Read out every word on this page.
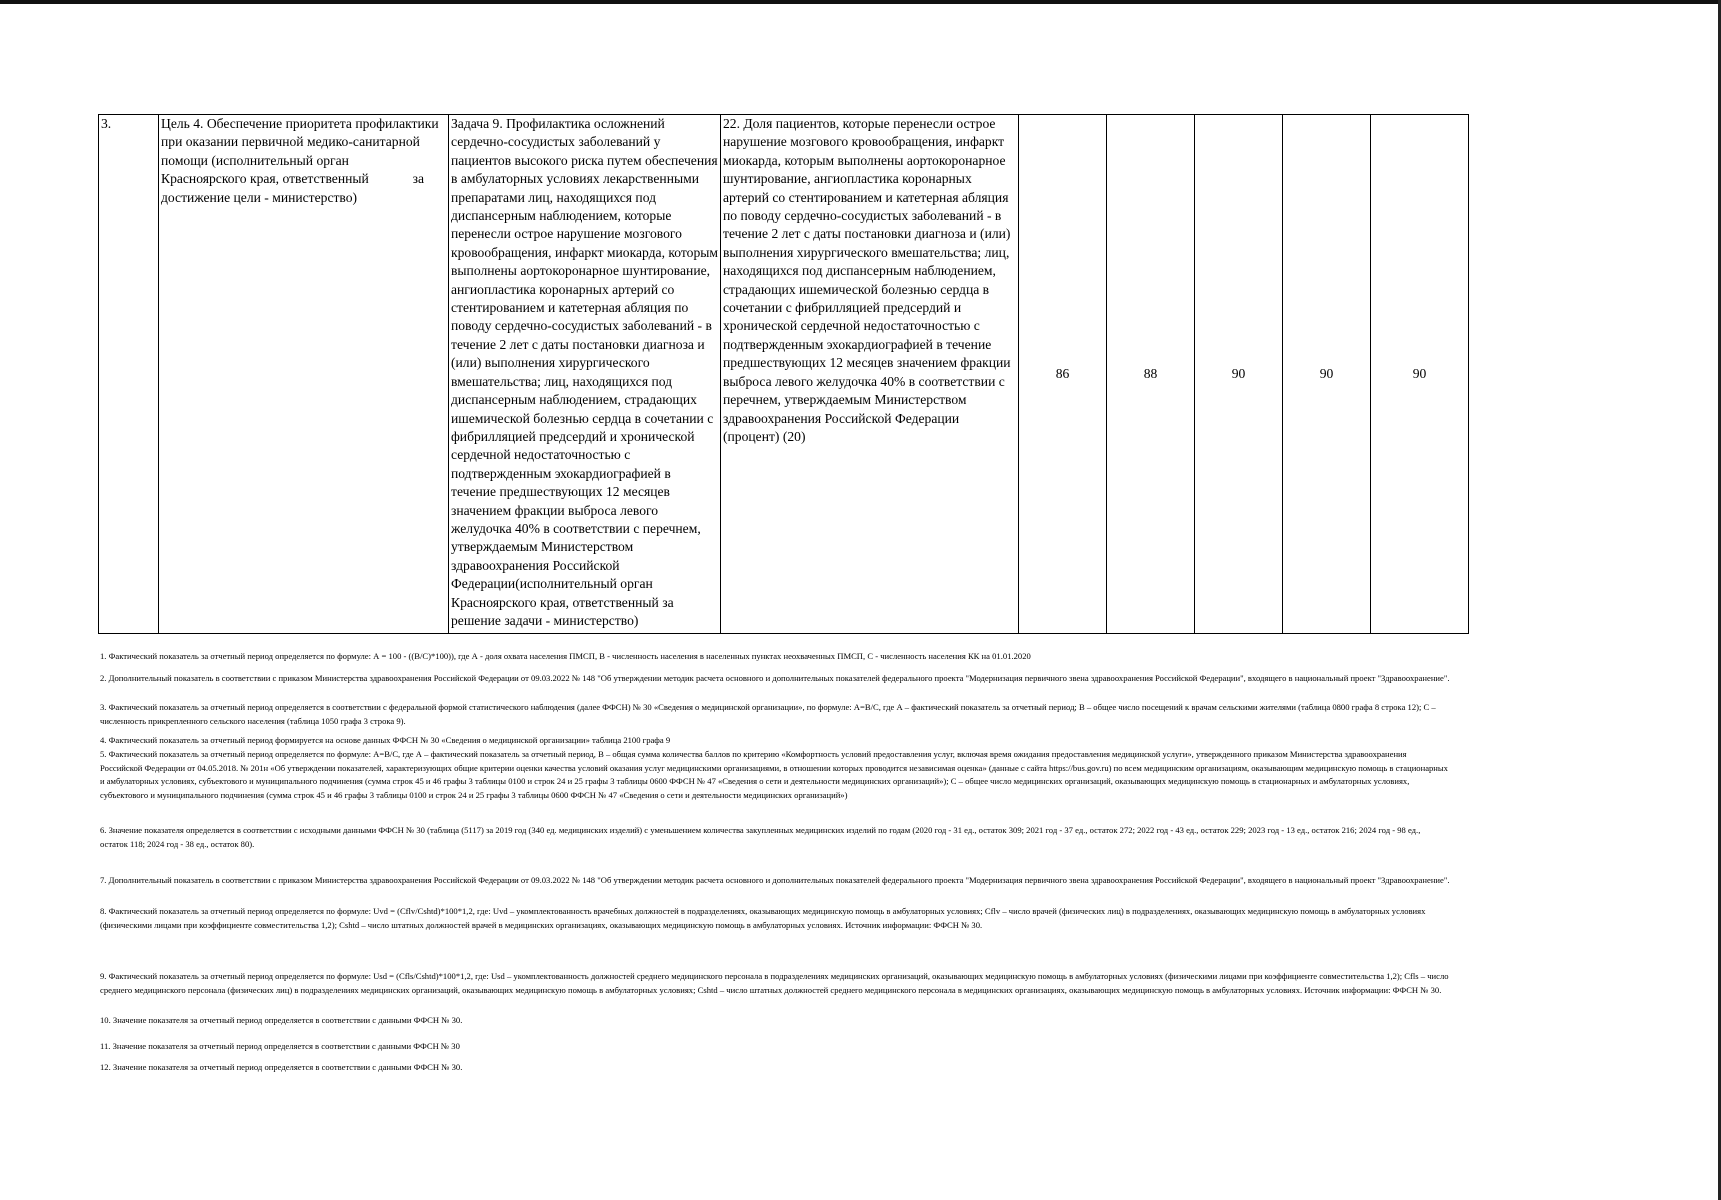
3.	Цель 4. Обеспечение приоритета профилактики
при оказании первичной медико-санитарной
помощи (исполнительный орган
Красноярского края, ответственный	за
достижение цели - министерство)
	Задача 9. Профилактика осложнений сердечно-сосудистых заболеваний у пациентов высокого риска путем обеспечения в амбулаторных условиях лекарственными препаратами лиц, находящихся под диспансерным наблюдением, которые перенесли острое нарушение мозгового кровообращения, инфаркт миокарда, которым выполнены аортокоронарное шунтирование, ангиопластика коронарных артерий со стентированием и катетерная абляция по поводу сердечно-сосудистых заболеваний - в течение 2 лет с даты постановки диагноза и (или) выполнения хирургического вмешательства; лиц, находящихся под диспансерным наблюдением, страдающих ишемической болезнью сердца в сочетании с фибрилляцией предсердий и хронической сердечной недостаточностью с подтвержденным эхокардиографией в течение предшествующих 12 месяцев значением фракции выброса левого желудочка 40% в соответствии с перечнем, утверждаемым Министерством здравоохранения Российской Федерации(исполнительный орган Красноярского края, ответственный за решение задачи - министерство)	22. Доля пациентов, которые перенесли острое нарушение мозгового кровообращения, инфаркт миокарда, которым выполнены аортокоронарное шунтирование, ангиопластика коронарных артерий со стентированием и катетерная абляция по поводу сердечно-сосудистых заболеваний - в течение 2 лет с даты постановки диагноза и (или) выполнения хирургического вмешательства; лиц, находящихся под диспансерным наблюдением, страдающих ишемической болезнью сердца в сочетании с фибрилляцией предсердий и хронической сердечной недостаточностью с подтвержденным эхокардиографией в течение предшествующих 12 месяцев значением фракции выброса левого желудочка 40% в соответствии с перечнем, утверждаемым Министерством здравоохранения Российской Федерации (процент) (20)	86	88	90	90	90

1. Фактический показатель за отчетный период определяется по формуле: А = 100 - ((В/С)*100)), где А - доля охвата населения ПМСП, В - численность населения в населенных пунктах неохваченных ПМСП, С - численность населения КК на 01.01.2020

2. Дополнительный показатель в соответствии с приказом Министерства здравоохранения Российской Федерации от 09.03.2022 № 148 "Об утверждении методик расчета основного и дополнительных показателей федерального проекта "Модернизация первичного звена здравоохранения Российской Федерации", входящего в национальный проект "Здравоохранение".

3. Фактический показатель за отчетный период определяется в соответствии с федеральной формой статистического наблюдения (далее ФФСН) № 30 «Сведения о медицинской организации», по формуле: А=В/С, где А – фактический показатель за отчетный период; В – общее число посещений к врачам сельскими жителями (таблица 0800 графа 8 строка 12); С – численность прикрепленного сельского населения (таблица 1050 графа 3 строка 9).

4. Фактический показатель за отчетный период формируется на основе данных ФФСН № 30 «Сведения о медицинской организации» таблица 2100 графа 9

5. Фактический показатель за отчетный период определяется по формуле: А=В/С, где А – фактический показатель за отчетный период, В – общая сумма количества баллов по критерию «Комфортность условий предоставления услуг, включая время ожидания предоставления медицинской услуги», утвержденного приказом Министерства здравоохранения Российской Федерации от 04.05.2018. № 201н «Об утверждении показателей, характеризующих общие критерии оценки качества условий оказания услуг медицинскими организациями, в отношении которых проводится независимая оценка» (данные с сайта https://bus.gov.ru) по всем медицинским организациям, оказывающим медицинскую помощь в стационарных и амбулаторных условиях, субъектового и муниципального подчинения (сумма строк 45 и 46 графы 3 таблицы 0100 и строк 24 и 25 графы 3 таблицы 0600 ФФСН № 47 «Сведения о сети и деятельности медицинских организаций»); С – общее число медицинских организаций, оказывающих медицинскую помощь в стационарных и амбулаторных условиях, субъектового и муниципального подчинения (сумма строк 45 и 46 графы 3 таблицы 0100 и строк 24 и 25 графы 3 таблицы 0600 ФФСН № 47 «Сведения о сети и деятельности медицинских организаций»)

6. Значение показателя определяется в соответствии с исходными данными ФФСН № 30 (таблица (5117) за 2019 год (340 ед. медицинских изделий) с уменьшением количества закупленных медицинских изделий по годам (2020 год - 31 ед., остаток 309; 2021 год - 37 ед., остаток 272; 2022 год - 43 ед., остаток 229; 2023 год - 13 ед., остаток 216; 2024 год - 98 ед., остаток 118; 2024 год - 38 ед., остаток 80).

7. Дополнительный показатель в соответствии с приказом Министерства здравоохранения Российской Федерации от 09.03.2022 № 148 "Об утверждении методик расчета основного и дополнительных показателей федерального проекта "Модернизация первичного звена здравоохранения Российской Федерации", входящего в национальный проект "Здравоохранение".

8. Фактический показатель за отчетный период определяется по формуле: Uvd = (Cflv/Cshtd)*100*1,2, где: Uvd – укомплектованность врачебных должностей в подразделениях, оказывающих медицинскую помощь в амбулаторных условиях; Cflv – число врачей (физических лиц) в подразделениях, оказывающих медицинскую помощь в амбулаторных условиях (физическими лицами при коэффициенте совместительства 1,2); Cshtd – число штатных должностей врачей в медицинских организациях, оказывающих медицинскую помощь в амбулаторных условиях. Источник информации: ФФСН № 30.

9. Фактический показатель за отчетный период определяется по формуле: Usd = (Cfls/Cshtd)*100*1,2, где: Usd – укомплектованность должностей среднего медицинского персонала в подразделениях медицинских организаций, оказывающих медицинскую помощь в амбулаторных условиях (физическими лицами при коэффициенте совместительства 1,2); Cfls – число среднего медицинского персонала (физических лиц) в подразделениях медицинских организаций, оказывающих медицинскую помощь в амбулаторных условиях; Cshtd – число штатных должностей среднего медицинского персонала в медицинских организациях, оказывающих медицинскую помощь в амбулаторных условиях. Источник информации: ФФСН № 30.

10. Значение показателя за отчетный период определяется в соответствии с данными ФФСН № 30.

11. Значение показателя за отчетный период определяется в соответствии с данными ФФСН № 30

12. Значение показателя за отчетный период определяется в соответствии с данными ФФСН № 30.
